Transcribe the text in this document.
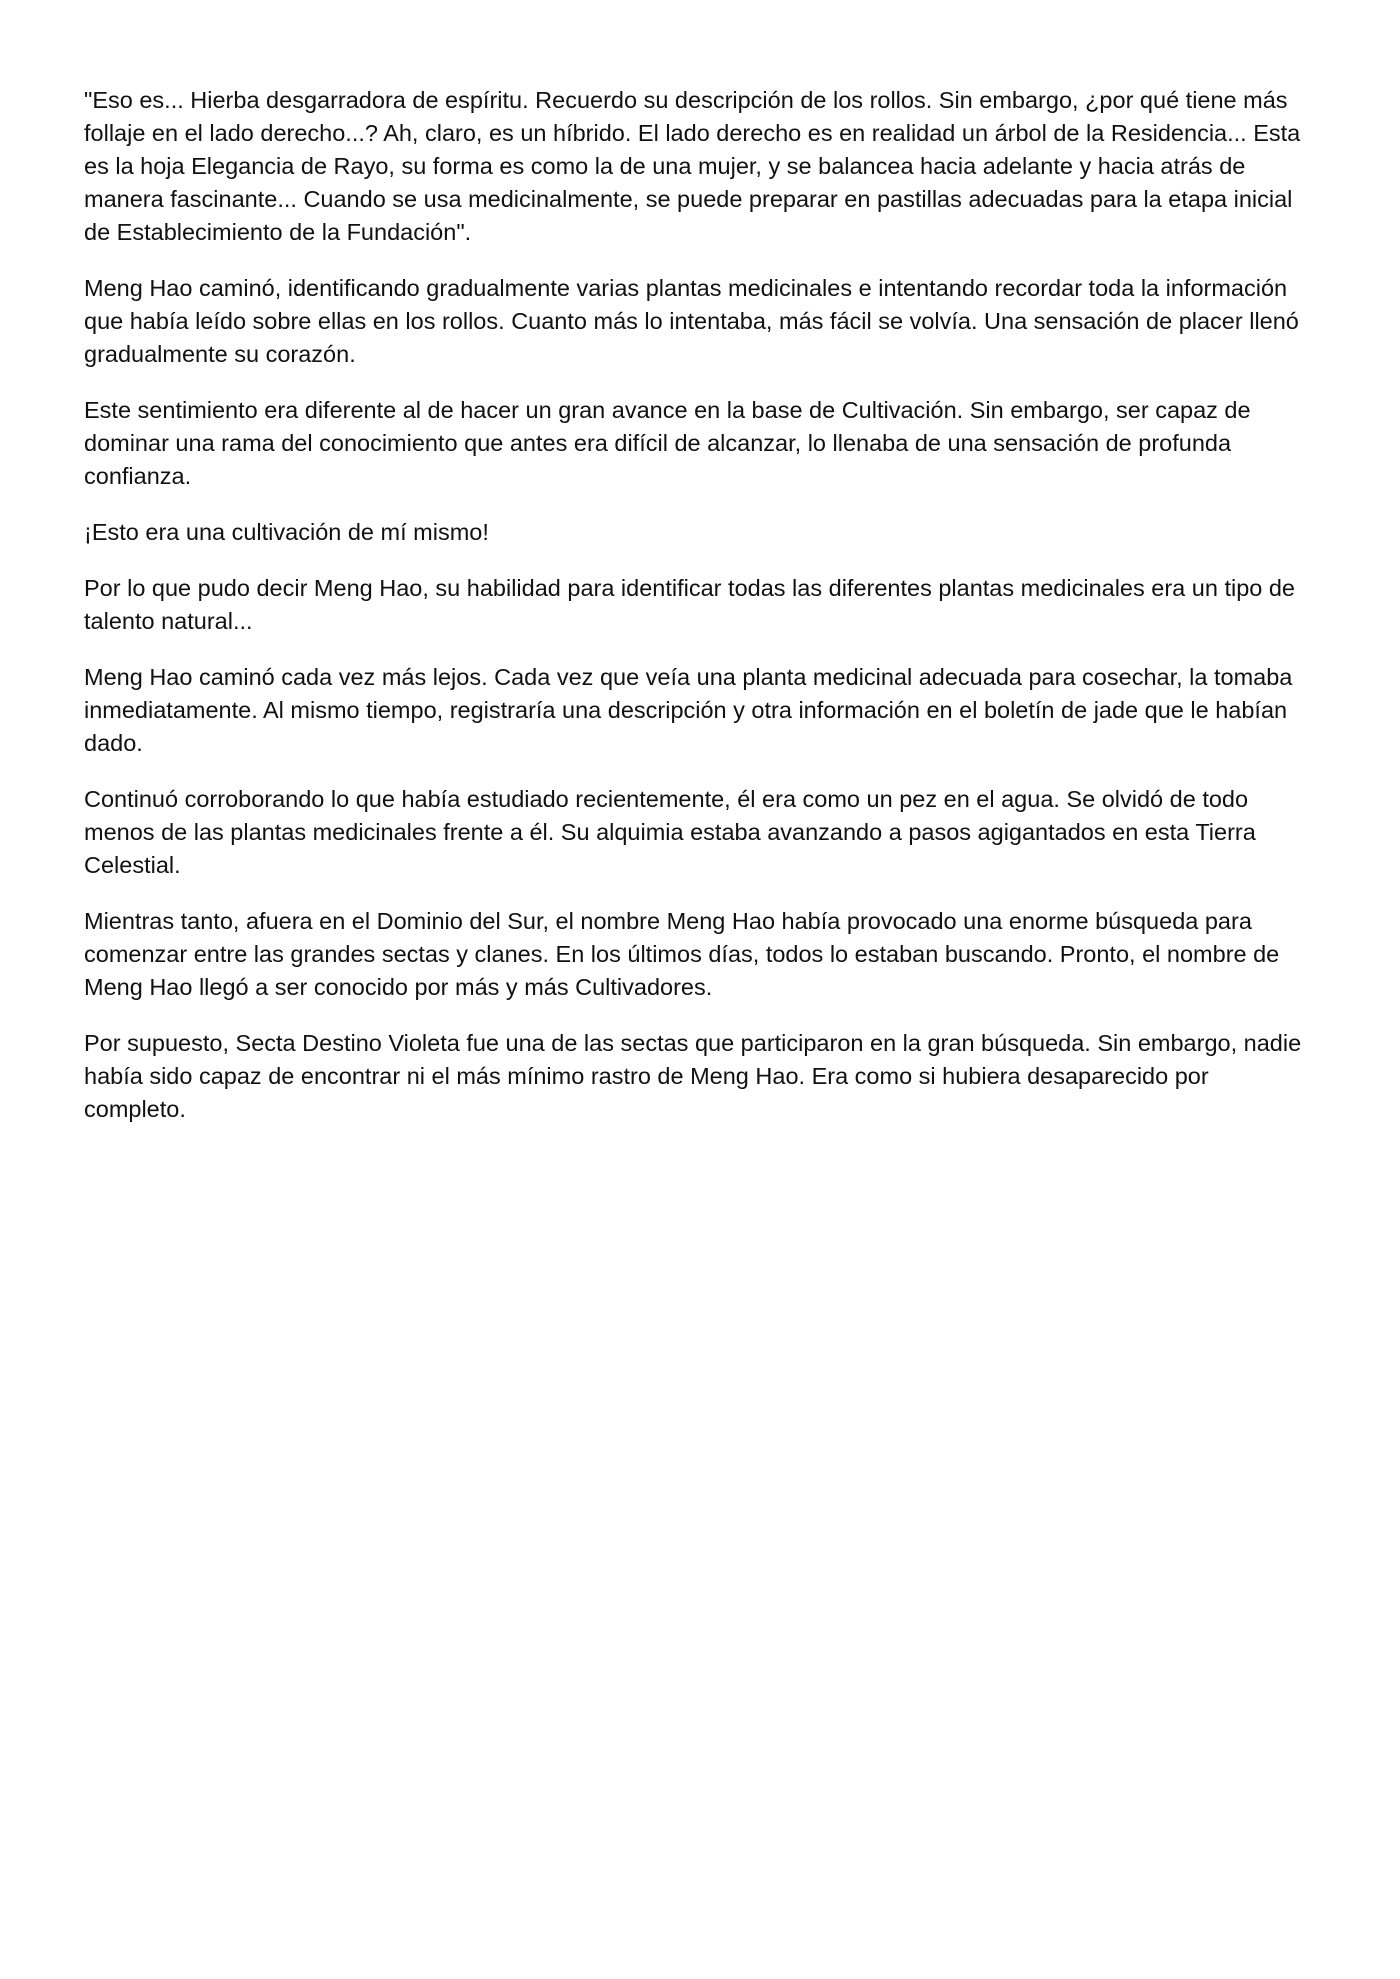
"Eso es... Hierba desgarradora de espíritu. Recuerdo su descripción de los rollos. Sin embargo, ¿por qué tiene más follaje en el lado derecho...? Ah, claro, es un híbrido. El lado derecho es en realidad un árbol de la Residencia... Esta es la hoja Elegancia de Rayo, su forma es como la de una mujer, y se balancea hacia adelante y hacia atrás de manera fascinante... Cuando se usa medicinalmente, se puede preparar en pastillas adecuadas para la etapa inicial de Establecimiento de la Fundación".

Meng Hao caminó, identificando gradualmente varias plantas medicinales e intentando recordar toda la información que había leído sobre ellas en los rollos. Cuanto más lo intentaba, más fácil se volvía. Una sensación de placer llenó gradualmente su corazón.

Este sentimiento era diferente al de hacer un gran avance en la base de Cultivación. Sin embargo, ser capaz de dominar una rama del conocimiento que antes era difícil de alcanzar, lo llenaba de una sensación de profunda confianza.

¡Esto era una cultivación de mí mismo!

Por lo que pudo decir Meng Hao, su habilidad para identificar todas las diferentes plantas medicinales era un tipo de talento natural...

Meng Hao caminó cada vez más lejos. Cada vez que veía una planta medicinal adecuada para cosechar, la tomaba inmediatamente. Al mismo tiempo, registraría una descripción y otra información en el boletín de jade que le habían dado.

Continuó corroborando lo que había estudiado recientemente, él era como un pez en el agua. Se olvidó de todo menos de las plantas medicinales frente a él. Su alquimia estaba avanzando a pasos agigantados en esta Tierra Celestial.

Mientras tanto, afuera en el Dominio del Sur, el nombre Meng Hao había provocado una enorme búsqueda para comenzar entre las grandes sectas y clanes. En los últimos días, todos lo estaban buscando. Pronto, el nombre de Meng Hao llegó a ser conocido por más y más Cultivadores.

Por supuesto, Secta Destino Violeta fue una de las sectas que participaron en la gran búsqueda. Sin embargo, nadie había sido capaz de encontrar ni el más mínimo rastro de Meng Hao. Era como si hubiera desaparecido por completo.
